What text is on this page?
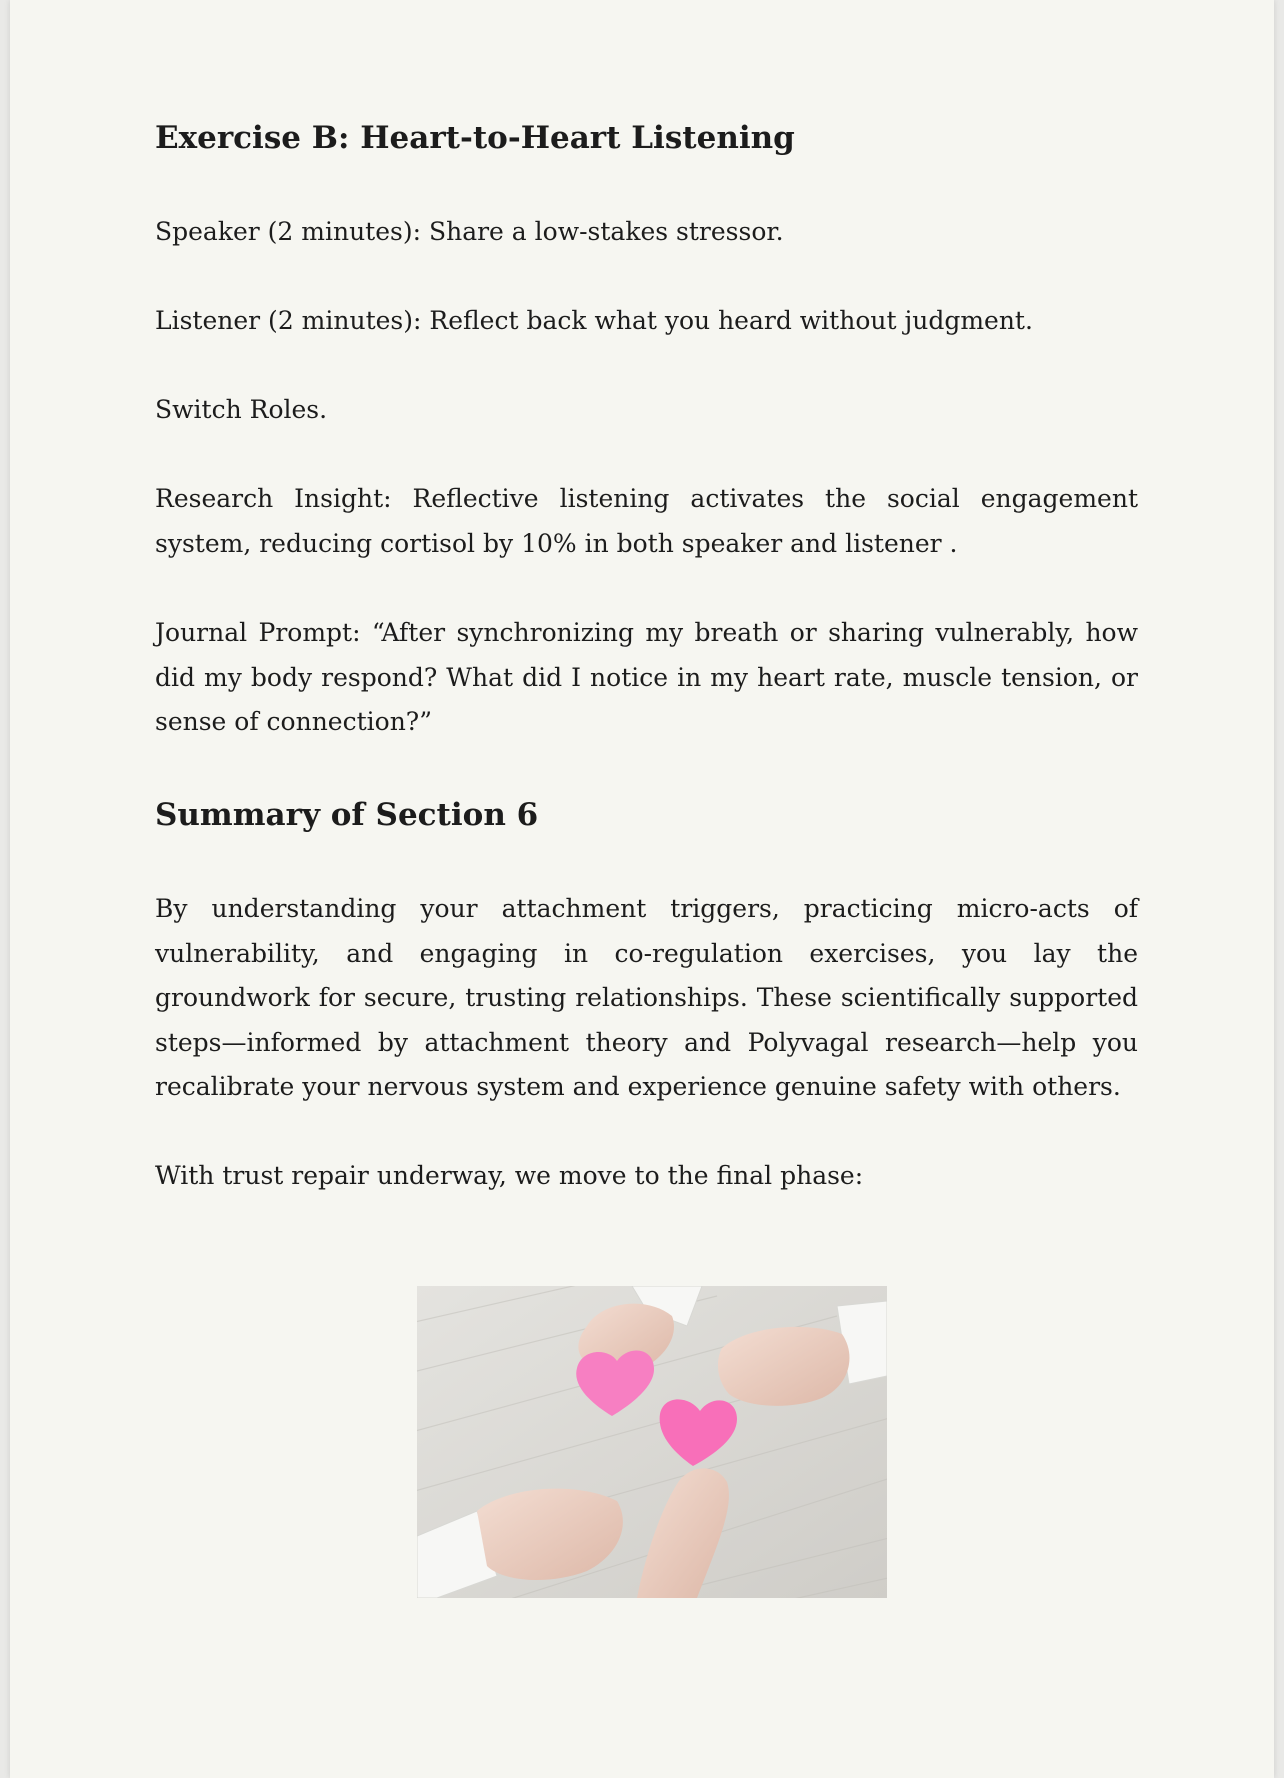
Exercise B: Heart-to-Heart Listening

Speaker (2 minutes): Share a low-stakes stressor.

Listener (2 minutes): Reflect back what you heard without judgment.

Switch Roles.

Research Insight: Reflective listening activates the social engagement system, reducing cortisol by 10% in both speaker and listener .

Journal Prompt: “After synchronizing my breath or sharing vulnerably, how did my body respond? What did I notice in my heart rate, muscle tension, or sense of connection?”

Summary of Section 6

By understanding your attachment triggers, practicing micro-acts of vulnerability, and engaging in co-regulation exercises, you lay the groundwork for secure, trusting relationships. These scientifically supported steps—informed by attachment theory and Polyvagal research—help you recalibrate your nervous system and experience genuine safety with others.

With trust repair underway, we move to the final phase:
